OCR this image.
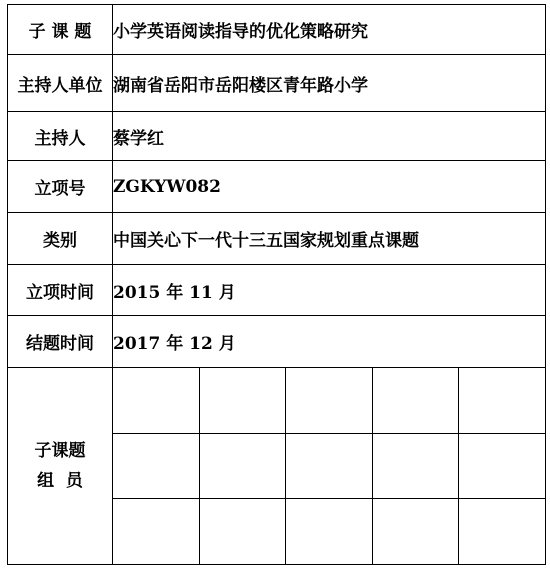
子 课 题	小学英语阅读指导的优化策略研究
主持人单位	湖南省岳阳市岳阳楼区青年路小学
主持人	蔡学红
立项号	ZGKYW082
类别	中国关心下一代十三五国家规划重点课题
立项时间	2015 年 11 月
结题时间	2017 年 12 月
子课题
组  员	
